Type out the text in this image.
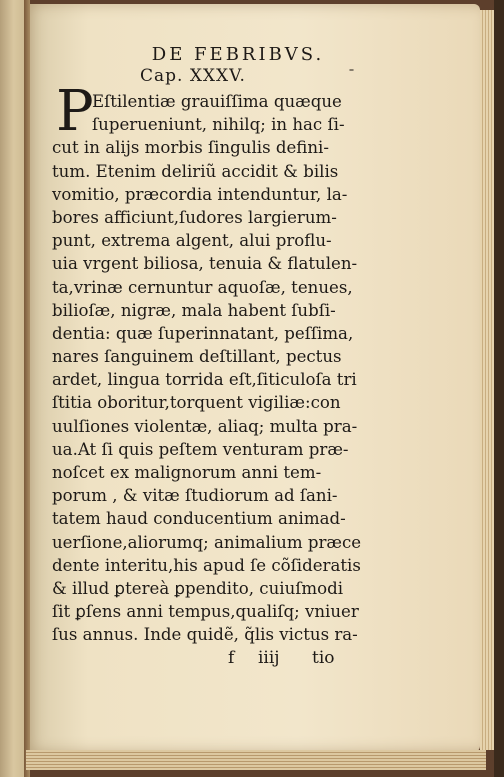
DE FEBRIBVS.
ˉ
Cap. XXXV.
P
Eſtilentiæ grauiſſima quæque
ſuperueniunt, nihilq; in hac ſi-
cut in alijs morbis ſingulis defini-
tum. Etenim deliriũ accidit & bilis
vomitio, præcordia intenduntur, la-
bores afficiunt,ſudores largierum-
punt, extrema algent, alui proflu-
uia vrgent biliosa, tenuia & flatulen-
ta,vrinæ cernuntur aquoſæ, tenues,
bilioſæ, nigræ, mala habent ſubſi-
dentia: quæ ſuperinnatant, peſſima,
nares ſanguinem deſtillant, pectus
ardet, lingua torrida eſt,ſiticuloſa tri
ſtitia oboritur,torquent vigiliæ:con
uulſiones violentæ, aliaq; multa pra-
ua.At ſi quis peſtem venturam præ-
noſcet ex malignorum anni tem-
porum , & vitæ ſtudiorum ad ſani-
tatem haud conducentium animad-
uerſione,aliorumq; animalium præce
dente interitu,his apud ſe cõſideratis
& illud ꝑtereà ꝑpendito, cuiuſmodi
ſit ꝑſens anni tempus,qualiſq; vniuer
ſus annus. Inde quidẽ, q̃lis victus ra-
f iiij tio
